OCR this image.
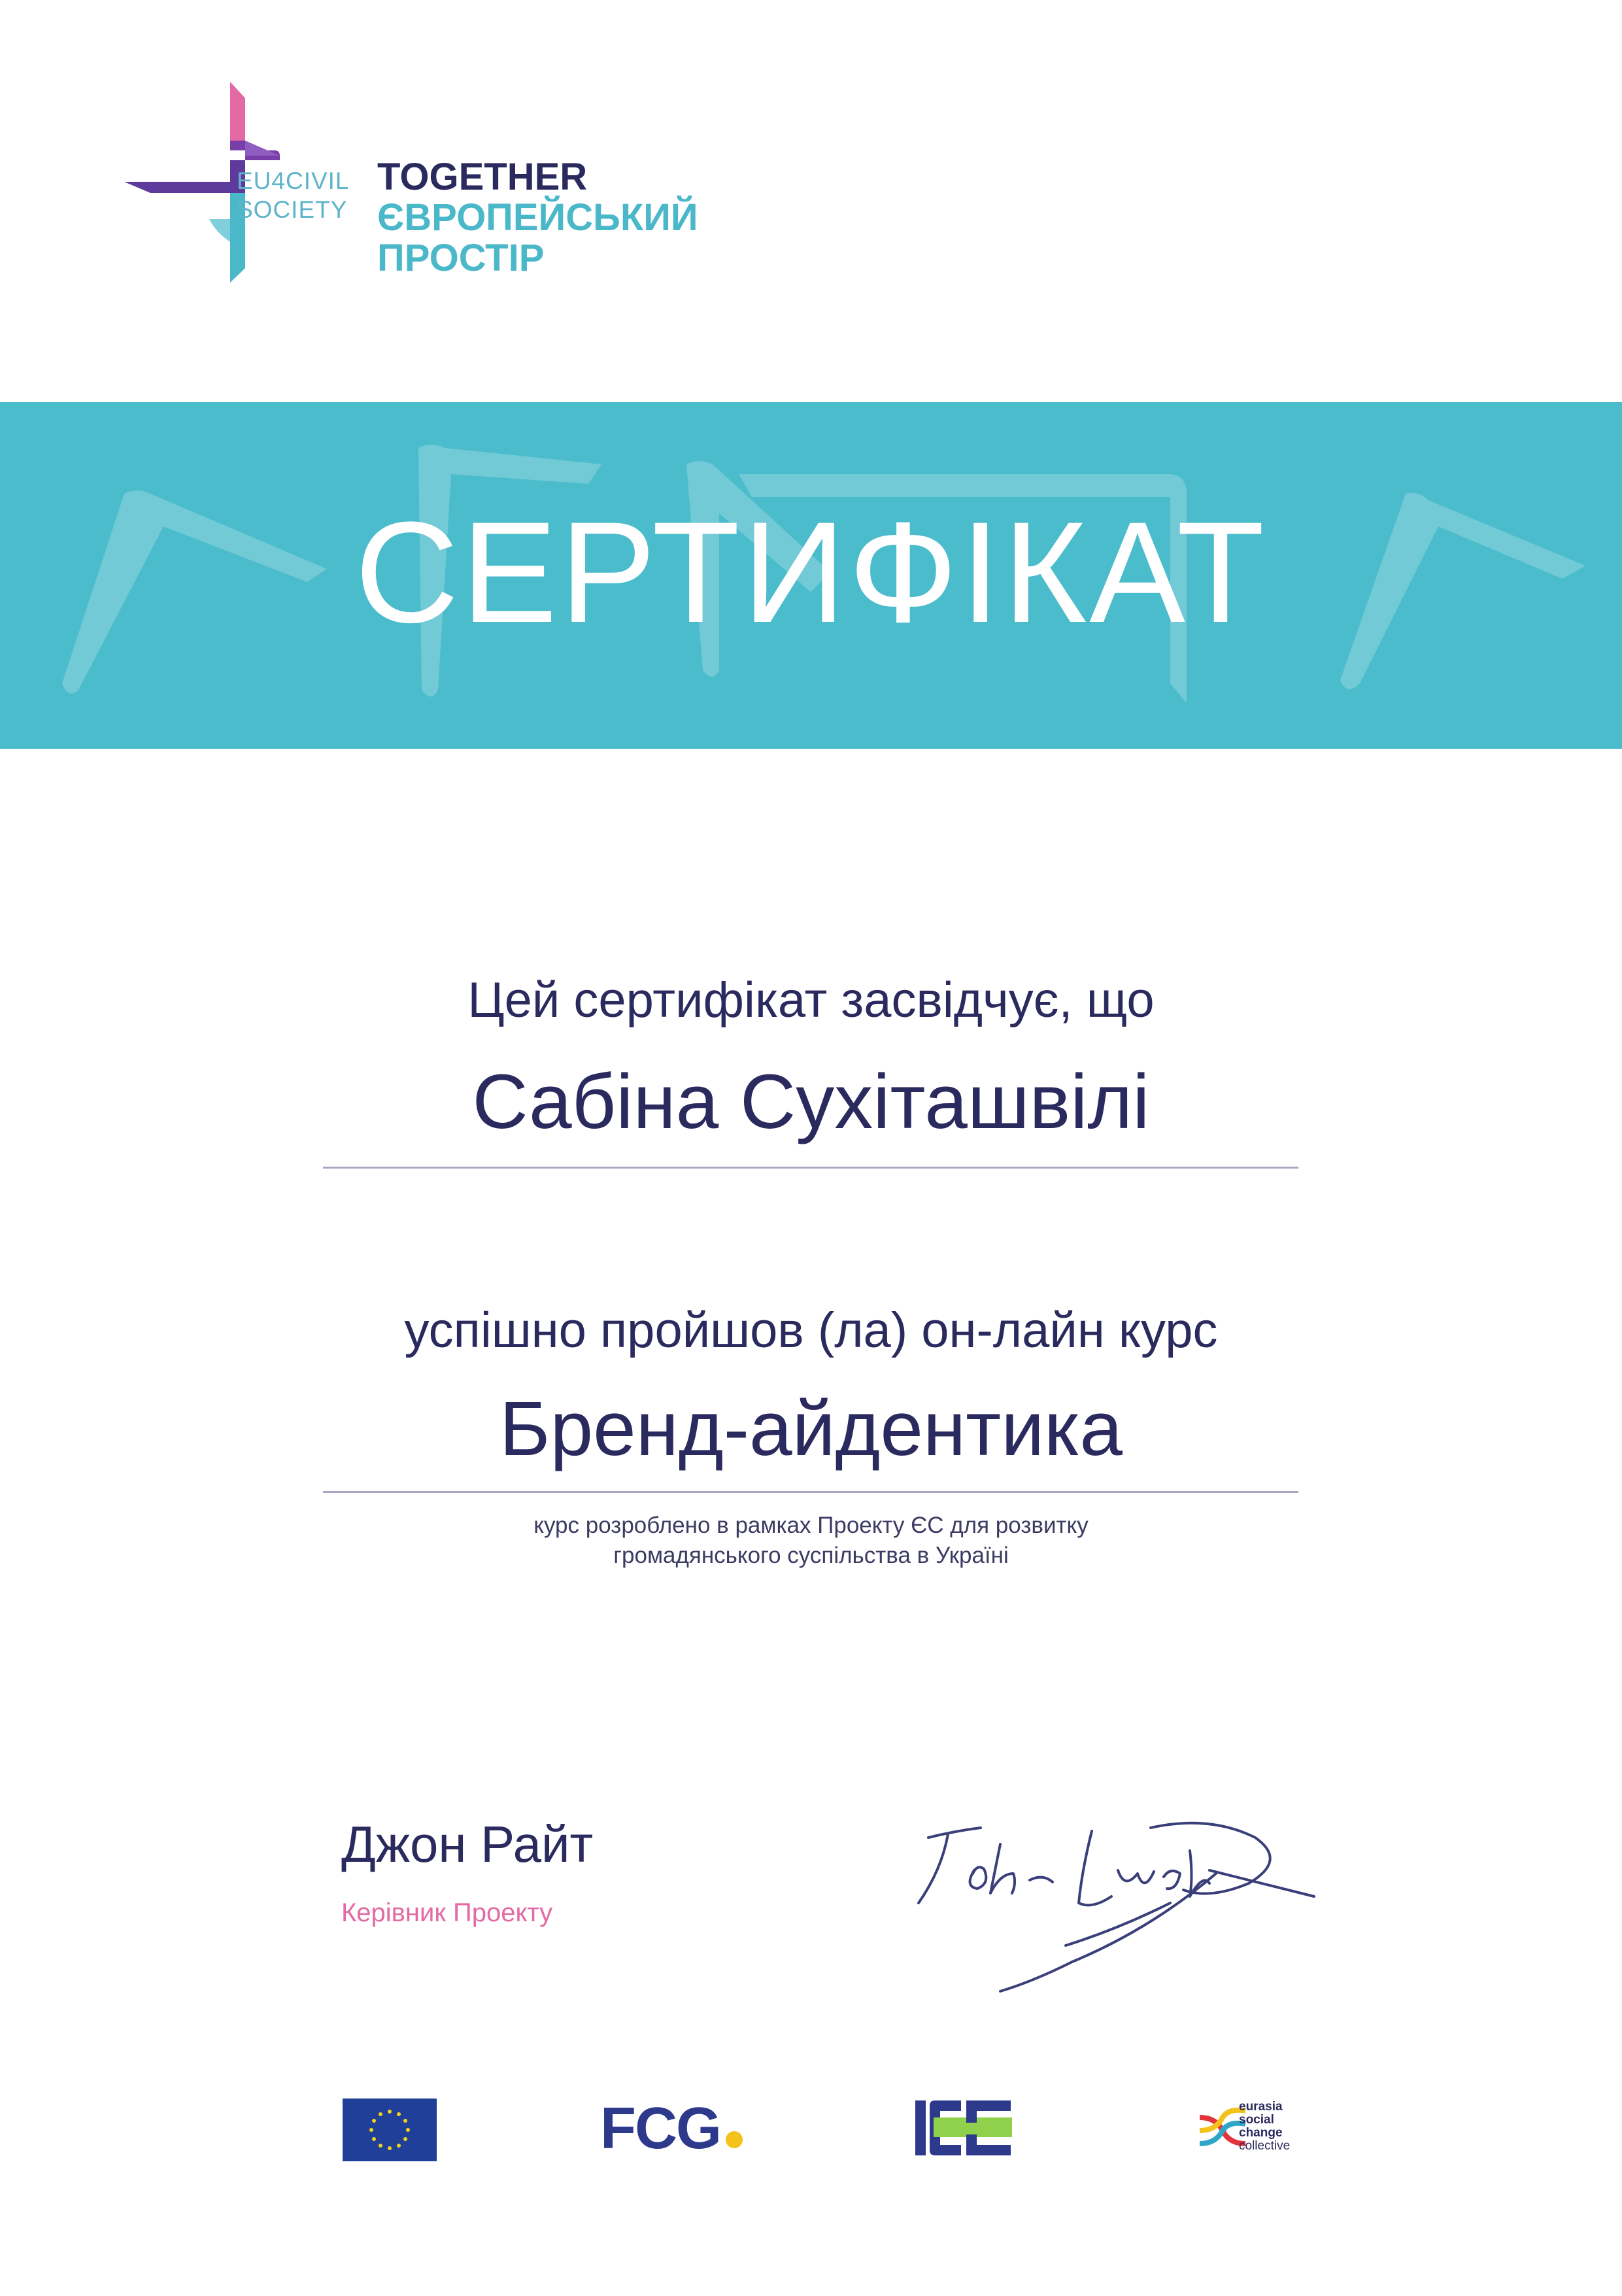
EU4CIVIL
SOCIETY
TOGETHER
ЄВРОПЕЙСЬКИЙ
ПРОСТІР
СЕРТИФІКАТ
Цей сертифікат засвідчує, що
Сабіна Сухіташвілі
успішно пройшов (ла) он-лайн курс
Бренд-айдентика
курс розроблено в рамках Проекту ЄС для розвитку
громадянського суспільства в Україні
Джон Райт
Керівник Проекту
FCG	eurasia
social
change
collective
